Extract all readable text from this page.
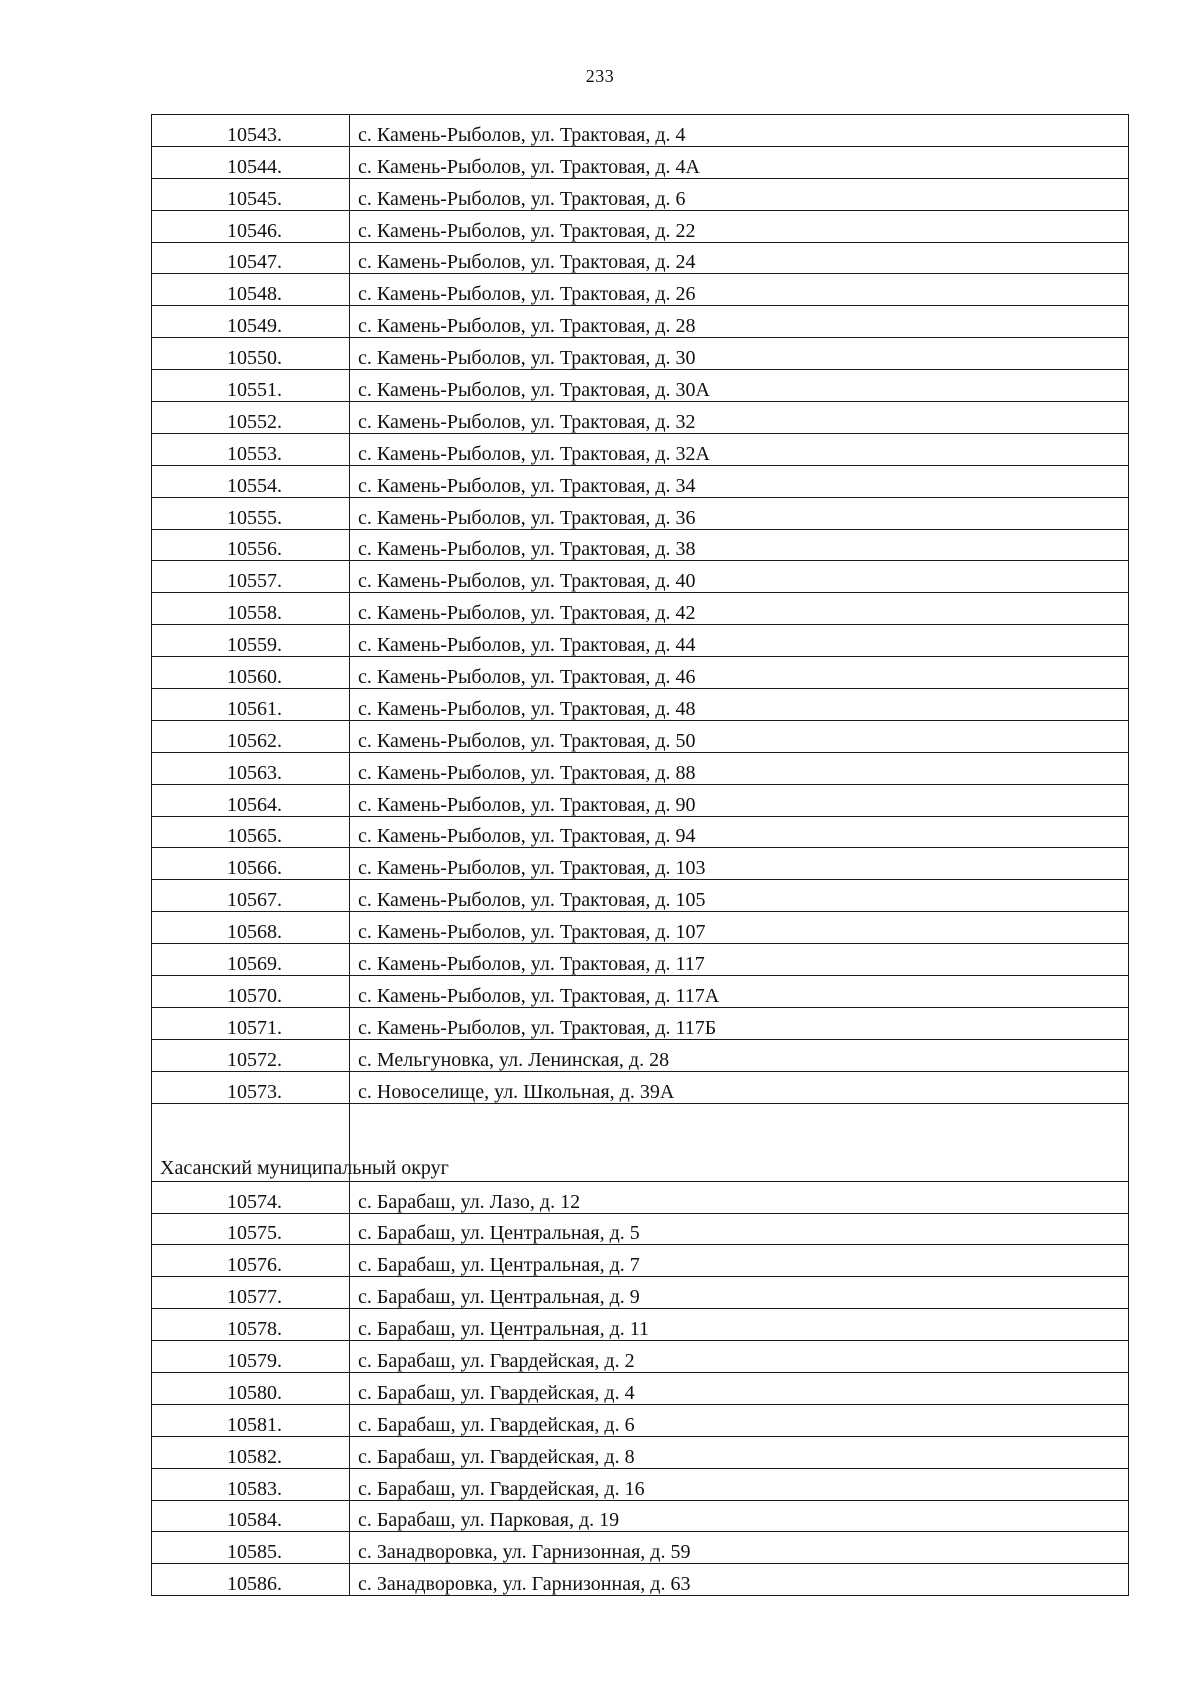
233
10543.	с. Камень-Рыболов, ул. Трактовая, д. 4
10544.	с. Камень-Рыболов, ул. Трактовая, д. 4А
10545.	с. Камень-Рыболов, ул. Трактовая, д. 6
10546.	с. Камень-Рыболов, ул. Трактовая, д. 22
10547.	с. Камень-Рыболов, ул. Трактовая, д. 24
10548.	с. Камень-Рыболов, ул. Трактовая, д. 26
10549.	с. Камень-Рыболов, ул. Трактовая, д. 28
10550.	с. Камень-Рыболов, ул. Трактовая, д. 30
10551.	с. Камень-Рыболов, ул. Трактовая, д. 30А
10552.	с. Камень-Рыболов, ул. Трактовая, д. 32
10553.	с. Камень-Рыболов, ул. Трактовая, д. 32А
10554.	с. Камень-Рыболов, ул. Трактовая, д. 34
10555.	с. Камень-Рыболов, ул. Трактовая, д. 36
10556.	с. Камень-Рыболов, ул. Трактовая, д. 38
10557.	с. Камень-Рыболов, ул. Трактовая, д. 40
10558.	с. Камень-Рыболов, ул. Трактовая, д. 42
10559.	с. Камень-Рыболов, ул. Трактовая, д. 44
10560.	с. Камень-Рыболов, ул. Трактовая, д. 46
10561.	с. Камень-Рыболов, ул. Трактовая, д. 48
10562.	с. Камень-Рыболов, ул. Трактовая, д. 50
10563.	с. Камень-Рыболов, ул. Трактовая, д. 88
10564.	с. Камень-Рыболов, ул. Трактовая, д. 90
10565.	с. Камень-Рыболов, ул. Трактовая, д. 94
10566.	с. Камень-Рыболов, ул. Трактовая, д. 103
10567.	с. Камень-Рыболов, ул. Трактовая, д. 105
10568.	с. Камень-Рыболов, ул. Трактовая, д. 107
10569.	с. Камень-Рыболов, ул. Трактовая, д. 117
10570.	с. Камень-Рыболов, ул. Трактовая, д. 117А
10571.	с. Камень-Рыболов, ул. Трактовая, д. 117Б
10572.	с. Мельгуновка, ул. Ленинская, д. 28
10573.	с. Новоселище, ул. Школьная, д. 39А
Хасанский муниципальный округ	
10574.	с. Барабаш, ул. Лазо, д. 12
10575.	с. Барабаш, ул. Центральная, д. 5
10576.	с. Барабаш, ул. Центральная, д. 7
10577.	с. Барабаш, ул. Центральная, д. 9
10578.	с. Барабаш, ул. Центральная, д. 11
10579.	с. Барабаш, ул. Гвардейская, д. 2
10580.	с. Барабаш, ул. Гвардейская, д. 4
10581.	с. Барабаш, ул. Гвардейская, д. 6
10582.	с. Барабаш, ул. Гвардейская, д. 8
10583.	с. Барабаш, ул. Гвардейская, д. 16
10584.	с. Барабаш, ул. Парковая, д. 19
10585.	с. Занадворовка, ул. Гарнизонная, д. 59
10586.	с. Занадворовка, ул. Гарнизонная, д. 63
